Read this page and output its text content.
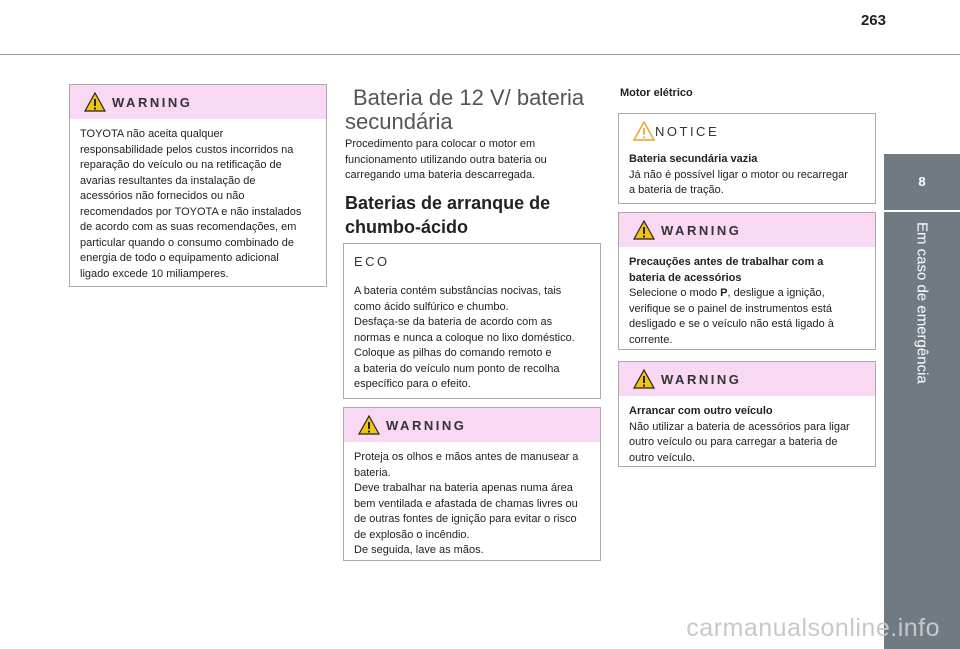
263
8
Em caso de emergência
WARNING

TOYOTA não aceita qualquer

responsabilidade pelos custos incorridos na

reparação do veículo ou na retificação de

avarias resultantes da instalação de

acessórios não fornecidos ou não

recomendados por TOYOTA e não instalados

de acordo com as suas recomendações, em

particular quando o consumo combinado de

energia de todo o equipamento adicional

ligado excede 10 miliamperes.

Bateria de 12 V/ bateria
secundária
Procedimento para colocar o motor em
funcionamento utilizando outra bateria ou
carregando uma bateria descarregada.
Baterias de arranque de
chumbo-ácido
ECO

A bateria contém substâncias nocivas, tais

como ácido sulfúrico e chumbo.

Desfaça-se da bateria de acordo com as

normas e nunca a coloque no lixo doméstico.

Coloque as pilhas do comando remoto e

a bateria do veículo num ponto de recolha

específico para o efeito.

WARNING

Proteja os olhos e mãos antes de manusear a

bateria.

Deve trabalhar na bateria apenas numa área

bem ventilada e afastada de chamas livres ou

de outras fontes de ignição para evitar o risco

de explosão o incêndio.

De seguida, lave as mãos.

Motor elétrico
NOTICE

Bateria secundária vazia

Já não é possível ligar o motor ou recarregar

a bateria de tração.

WARNING

Precauções antes de trabalhar com a

bateria de acessórios

Selecione o modo P, desligue a ignição,

verifique se o painel de instrumentos está

desligado e se o veículo não está ligado à

corrente.

WARNING

Arrancar com outro veículo

Não utilizar a bateria de acessórios para ligar

outro veículo ou para carregar a bateria de

outro veículo.

carmanualsonline.info
